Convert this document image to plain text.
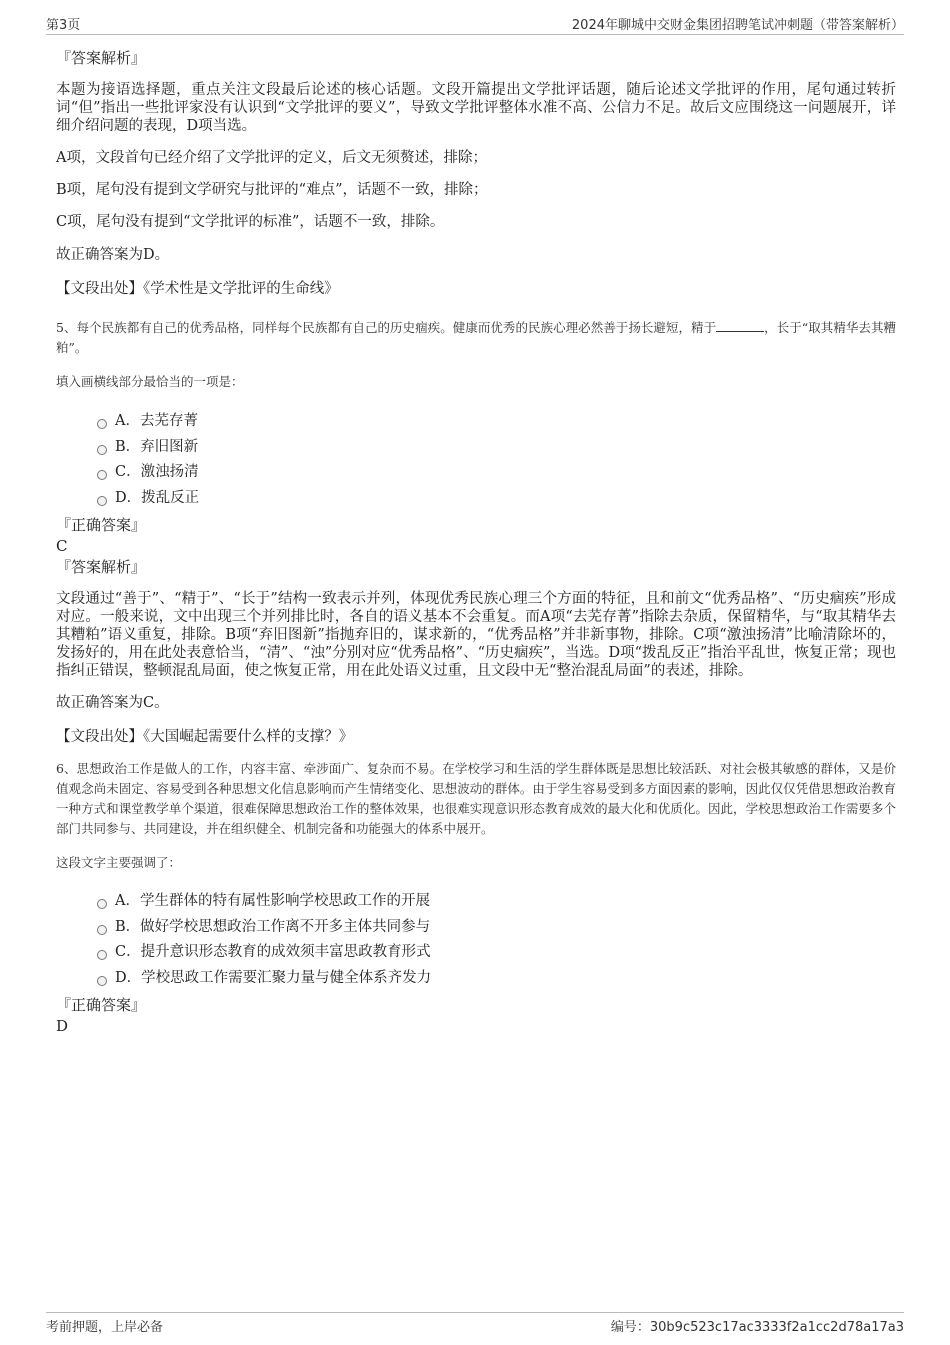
第3页	2024年聊城中交财金集团招聘笔试冲刺题（带答案解析）
『答案解析』
本题为接语选择题，重点关注文段最后论述的核心话题。文段开篇提出文学批评话题，随后论述文学批评的作用，尾句通过转折词“但”指出一些批评家没有认识到“文学批评的要义”，导致文学批评整体水准不高、公信力不足。故后文应围绕这一问题展开，详细介绍问题的表现，D项当选。
A项，文段首句已经介绍了文学批评的定义，后文无须赘述，排除；
B项，尾句没有提到文学研究与批评的“难点”，话题不一致，排除；
C项，尾句没有提到“文学批评的标准”，话题不一致，排除。
故正确答案为D。
【文段出处】《学术性是文学批评的生命线》
5、每个民族都有自己的优秀品格，同样每个民族都有自己的历史痼疾。健康而优秀的民族心理必然善于扬长避短，精于	，长于“取其精华去其糟粕”。
填入画横线部分最恰当的一项是：
A．去芜存菁
B．弃旧图新
C．激浊扬清
D．拨乱反正
『正确答案』
C
『答案解析』
文段通过“善于”、“精于”、“长于”结构一致表示并列，体现优秀民族心理三个方面的特征，且和前文“优秀品格”、“历史痼疾”形成对应。一般来说，文中出现三个并列排比时，各自的语义基本不会重复。而A项“去芜存菁”指除去杂质，保留精华，与“取其精华去其糟粕”语义重复，排除。B项“弃旧图新”指抛弃旧的，谋求新的，“优秀品格”并非新事物，排除。C项“激浊扬清”比喻清除坏的，发扬好的，用在此处表意恰当，“清”、“浊”分别对应“优秀品格”、“历史痼疾”，当选。D项“拨乱反正”指治平乱世，恢复正常；现也指纠正错误，整顿混乱局面，使之恢复正常，用在此处语义过重，且文段中无“整治混乱局面”的表述，排除。
故正确答案为C。
【文段出处】《大国崛起需要什么样的支撑？》
6、思想政治工作是做人的工作，内容丰富、牵涉面广、复杂而不易。在学校学习和生活的学生群体既是思想比较活跃、对社会极其敏感的群体，又是价值观念尚未固定、容易受到各种思想文化信息影响而产生情绪变化、思想波动的群体。由于学生容易受到多方面因素的影响，因此仅仅凭借思想政治教育一种方式和课堂教学单个渠道，很难保障思想政治工作的整体效果，也很难实现意识形态教育成效的最大化和优质化。因此，学校思想政治工作需要多个部门共同参与、共同建设，并在组织健全、机制完备和功能强大的体系中展开。
这段文字主要强调了：
A．学生群体的特有属性影响学校思政工作的开展
B．做好学校思想政治工作离不开多主体共同参与
C．提升意识形态教育的成效须丰富思政教育形式
D．学校思政工作需要汇聚力量与健全体系齐发力
『正确答案』
D
考前押题，上岸必备	编号：30b9c523c17ac3333f2a1cc2d78a17a3
